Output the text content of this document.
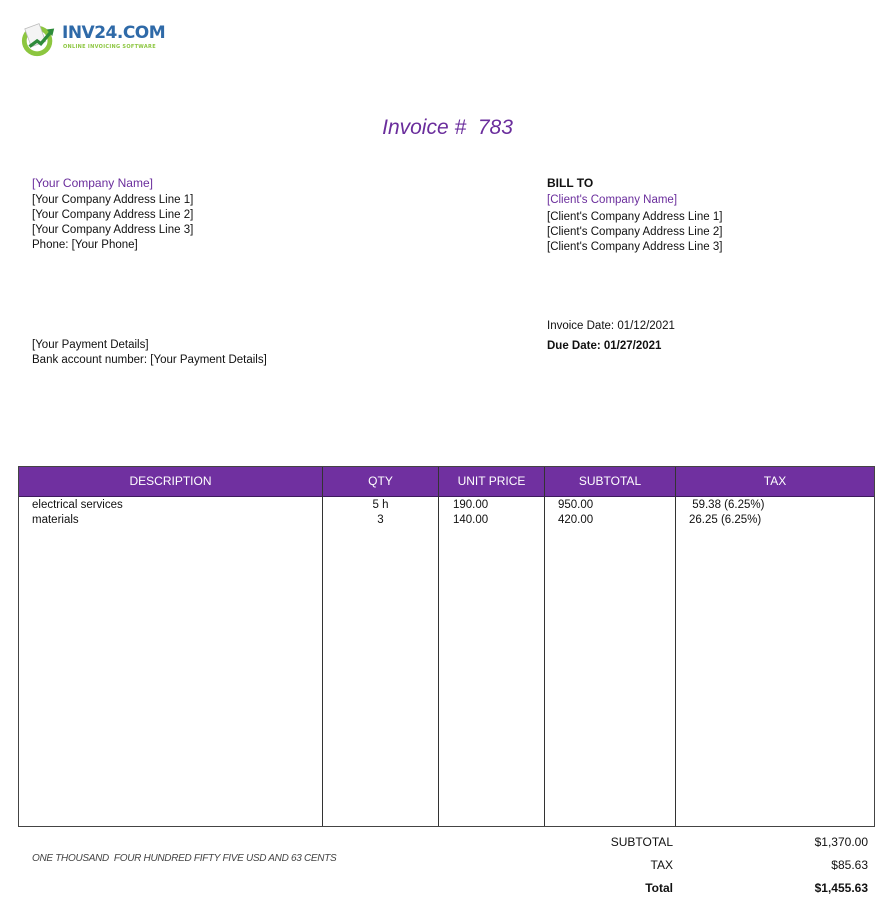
INV24.COM
ONLINE INVOICING SOFTWARE
Invoice #  783
[Your Company Name]
[Your Company Address Line 1]
[Your Company Address Line 2]
[Your Company Address Line 3]
Phone: [Your Phone]
BILL TO
[Client's Company Name]
[Client's Company Address Line 1]
[Client's Company Address Line 2]
[Client's Company Address Line 3]
Invoice Date: 01/12/2021
Due Date: 01/27/2021
[Your Payment Details]
Bank account number: [Your Payment Details]
DESCRIPTION	QTY	UNIT PRICE	SUBTOTAL	TAX
electrical services	5 h	190.00	950.00	59.38 (6.25%)
materials	3	140.00	420.00	26.25 (6.25%)
ONE THOUSAND  FOUR HUNDRED FIFTY FIVE USD AND 63 CENTS
SUBTOTAL	$1,370.00
TAX	$85.63
Total	$1,455.63
